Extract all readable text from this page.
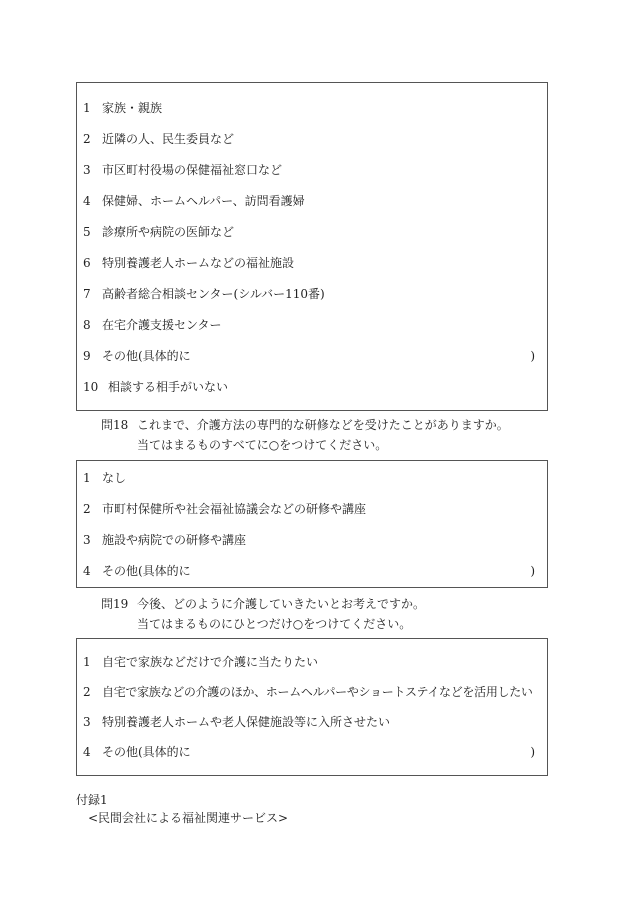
1 家族・親族
2 近隣の人、民生委員など
3 市区町村役場の保健福祉窓口など
4 保健婦、ホームヘルパー、訪問看護婦
5 診療所や病院の医師など
6 特別養護老人ホームなどの福祉施設
7 高齢者総合相談センター(シルバー110番)
8 在宅介護支援センター
9 その他(具体的に	)
10 相談する相手がいない
問18 これまで、介護方法の専門的な研修などを受けたことがありますか。
当てはまるものすべてに○をつけてください。
1 なし
2 市町村保健所や社会福祉協議会などの研修や講座
3 施設や病院での研修や講座
4 その他(具体的に	)
問19 今後、どのように介護していきたいとお考えですか。
当てはまるものにひとつだけ○をつけてください。
1 自宅で家族などだけで介護に当たりたい
2 自宅で家族などの介護のほか、ホームヘルパーやショートステイなどを活用したい
3 特別養護老人ホームや老人保健施設等に入所させたい
4 その他(具体的に	)
付録1
<民間会社による福祉関連サービス>
